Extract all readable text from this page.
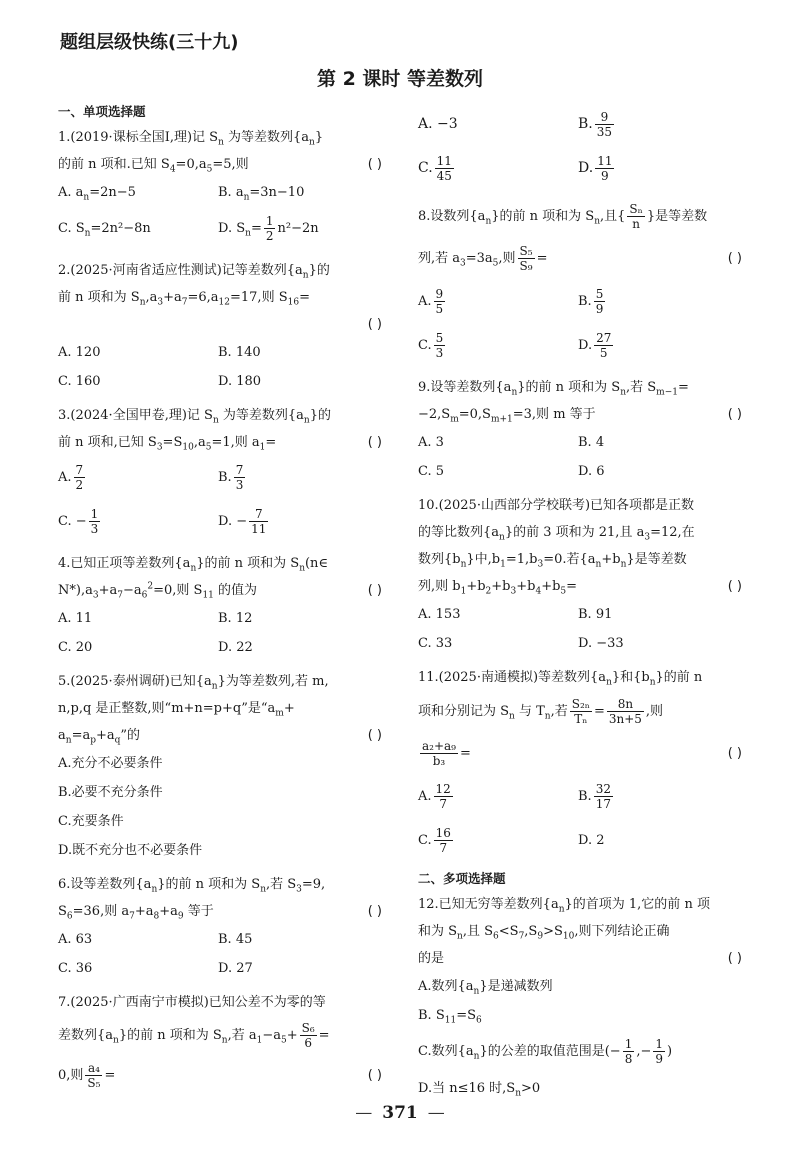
题组层级快练(三十九)
第 2 课时 等差数列
一、单项选择题
1.(2019·课标全国Ⅰ,理)记 $S_n$ 为等差数列$\{a_n\}$
的前 n 项和.已知 $S_4=0,a_5=5$,则	( )
A. $a_n=2n-5$	B. $a_n=3n-10$
C. $S_n=2n^2-8n$	D. $S_n= \frac{1}{2} n^2-2n$
2.(2025·河南省适应性测试)记等差数列$\{a_n\}$的
前 n 项和为 $S_n,a_3+a_7=6,a_{12}=17$,则 $S_{16}=$
( )

A. 120	B. 140
C. 160	D. 180
3.(2024·全国甲卷,理)记 $S_n$ 为等差数列$\{a_n\}$的
前 n 项和,已知 $S_3=S_{10},a_5=1$,则 $a_1=$	( )
A. $\frac{7}{2}$	B. $\frac{7}{3}$
C. − $\frac{1}{3}$	D. − $\frac{7}{11}$
4.已知正项等差数列$\{a_n\}$的前 n 项和为 $S_n(n\in$
$N*),a_3+a_7-a_6^2=0$,则 $S_{11}$ 的值为	( )
A. 11	B. 12
C. 20	D. 22
5.(2025·泰州调研)已知$\{a_n\}$为等差数列,若 m,
n,p,q 是正整数,则“m+n=p+q”是“$a_m+$
$a_n=a_p+a_q$”的	( )
A.充分不必要条件
B.必要不充分条件
C.充要条件
D.既不充分也不必要条件
6.设等差数列$\{a_n\}$的前 n 项和为 $S_n$,若 $S_3=9$,
$S_6=36$,则 $a_7+a_8+a_9$ 等于	( )
A. 63	B. 45
C. 36	D. 27
7.(2025·广西南宁市模拟)已知公差不为零的等
差数列$\{a_n\}$的前 n 项和为 $S_n$,若 $a_1-a_5+ \frac{\text{S₆}}{6}$ =
0,则 $\frac{\text{a₄}}{\text{S₅}}$ =	( )
A. −3	B. $\frac{9}{35}$
C. $\frac{11}{45}$	D. $\frac{11}{9}$
8.设数列$\{a_n\}$的前 n 项和为 $S_n$,且{ $\frac{\text{Sₙ}}{n}$ }是等差数
列,若 $a_3=3a_5$,则 $\frac{\text{S₅}}{\text{S₉}}$ =	( )
A. $\frac{9}{5}$	B. $\frac{5}{9}$
C. $\frac{5}{3}$	D. $\frac{27}{5}$
9.设等差数列$\{a_n\}$的前 n 项和为 $S_n$,若 $S_{m-1}=$
$-2,S_m=0,S_{m+1}=3$,则 m 等于	( )
A. 3	B. 4
C. 5	D. 6
10.(2025·山西部分学校联考)已知各项都是正数
的等比数列$\{a_n\}$的前 3 项和为 21,且 $a_3=12$,在
数列$\{b_n\}$中$,b_1=1,b_3=0$.若$\{a_n+b_n\}$是等差数
列,则 $b_1+b_2+b_3+b_4+b_5=$	( )
A. 153	B. 91
C. 33	D. −33
11.(2025·南通模拟)等差数列$\{a_n\}$和$\{b_n\}$的前 n
项和分别记为 $S_n$ 与 $T_n$,若 $\frac{\text{S₂ₙ}}{\text{Tₙ}} = \frac{8n}{3n+5}$ ,则
$\frac{\text{a₂+a₉}}{\text{b₃}}$ =	( )
A. $\frac{12}{7}$	B. $\frac{32}{17}$
C. $\frac{16}{7}$	D. 2
二、多项选择题
12.已知无穷等差数列$\{a_n\}$的首项为 1,它的前 n 项
和为 $S_n$,且 $S_6<S_7,S_9>S_{10}$,则下列结论正确
的是	( )
A.数列$\{a_n\}$是递减数列
B. $S_{11}=S_6$
C.数列$\{a_n\}$的公差的取值范围是(− $\frac{1}{8}$ ,− $\frac{1}{9}$ )
D.当 n≤16 时$,S_n>0$
— 371 —
